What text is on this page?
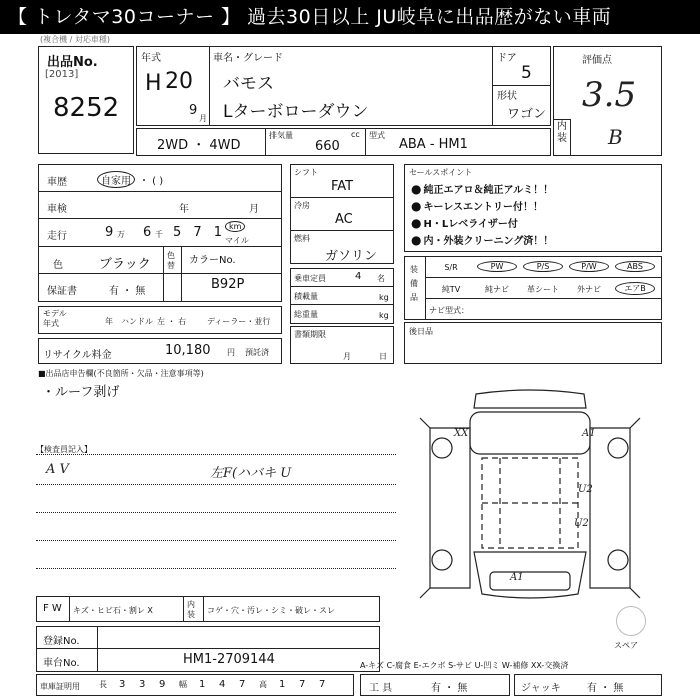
【 トレタマ30コーナー 】 過去30日以上 JU岐阜に出品歴がない車両
(複合機 / 対応車種)
出品No.
[2013]
8252
年式
H 20
9
月
車名・グレード
バモス
Lターボローダウン
ドア
5
形状
ワゴン
評価点
3.5
内装 B
2WD ・ 4WD
排気量
660
cc 型式
ABA - HM1
車歴	自家用 ・ ( )
車検	年	月
走行	9 万 6 千 5 7 1 km
マイル
色	ブラック
色替 カラーNo.
B92P
保証書	有 ・ 無
モデル 年式	年 ハンドル 左 ・ 右	ディーラー・並行
リサイクル料金	10,180 円 預託済
シフト
FAT
冷房
AC
燃料
ガソリン
乗車定員	4 名
積載量	kg
総重量	kg
書類期限
月	日
セールスポイント
● 純正エアロ＆純正アルミ！！
● キーレスエントリー付！！
● H・Lレベライザー付
● 内・外装クリーニング済！！
装備品
S/R	PW	P/S	P/W	ABS
純TV	純ナビ	革シート	外ナビ	エアB
ナビ型式：
後日品
■出品店申告欄(不良箇所・欠品・注意事項等)
・ルーフ剥げ
【検査員記入】
A V	左F(ハバキ U
XX	A1
U2
U2
A1
スペア
F W キズ・ヒビ石・割レ X
内装	コゲ・穴・汚レ・シミ・破レ・スレ
登録No.
車台No.	HM1-2709144	A-キズ C-腐食 E-エクボ S-サビ U-凹ミ W-補修 XX-交換済
車庫証明用 長 3 3 9 幅 1 4 7 高 1 7 7	工 具	有 ・ 無	ジャッキ	有 ・ 無
